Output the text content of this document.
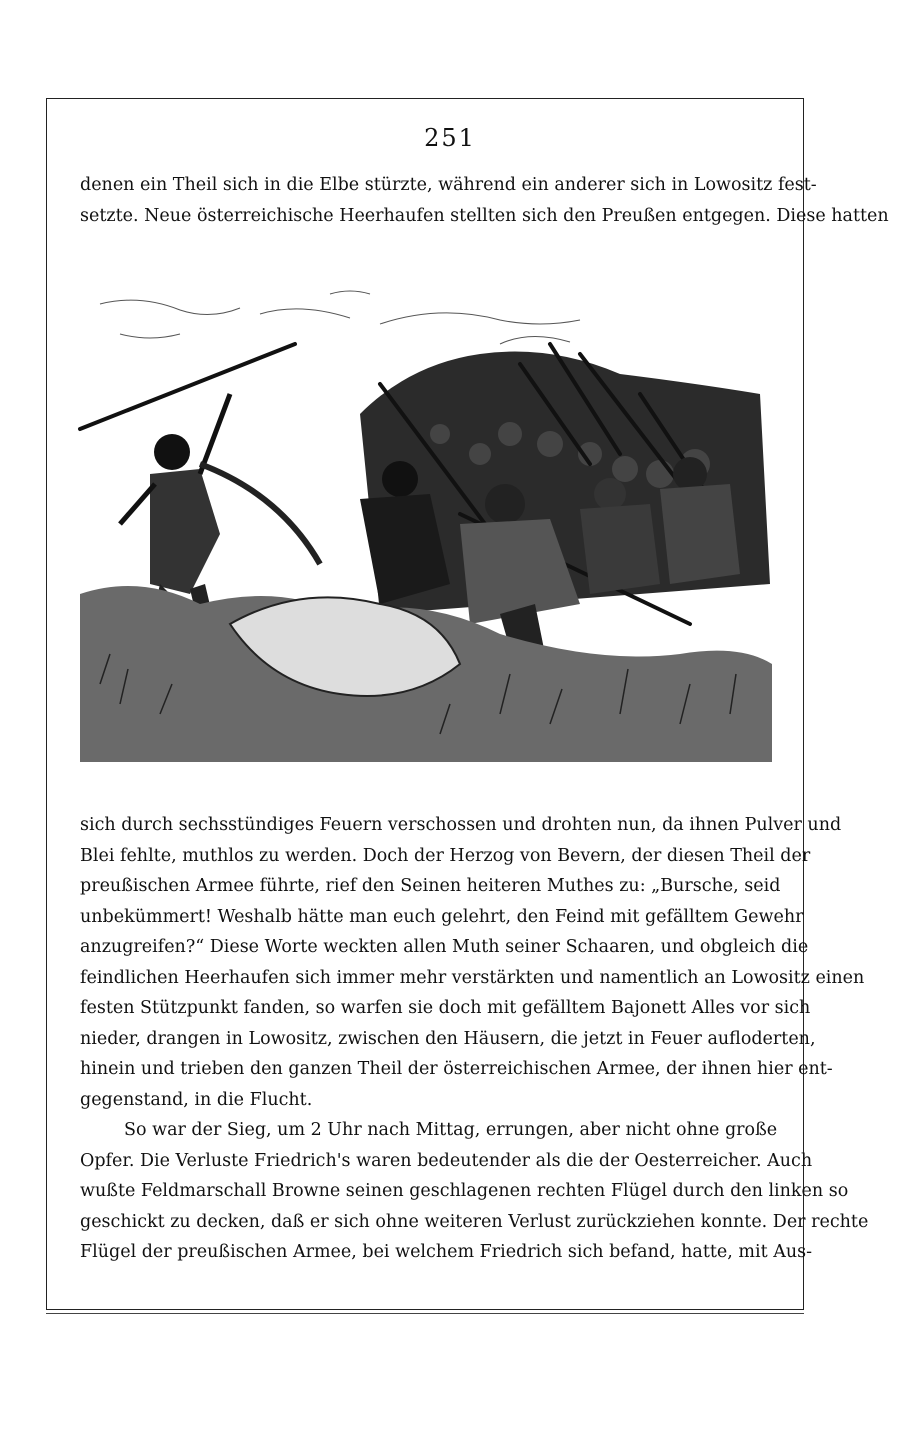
251
denen ein Theil sich in die Elbe stürzte, während ein anderer sich in Lowositz fest-
setzte. Neue österreichische Heerhaufen stellten sich den Preußen entgegen. Diese hatten
sich durch sechsstündiges Feuern verschossen und drohten nun, da ihnen Pulver und
Blei fehlte, muthlos zu werden. Doch der Herzog von Bevern, der diesen Theil der
preußischen Armee führte, rief den Seinen heiteren Muthes zu: „Bursche, seid
unbekümmert! Weshalb hätte man euch gelehrt, den Feind mit gefälltem Gewehr
anzugreifen?“ Diese Worte weckten allen Muth seiner Schaaren, und obgleich die
feindlichen Heerhaufen sich immer mehr verstärkten und namentlich an Lowositz einen
festen Stützpunkt fanden, so warfen sie doch mit gefälltem Bajonett Alles vor sich
nieder, drangen in Lowositz, zwischen den Häusern, die jetzt in Feuer aufloderten,
hinein und trieben den ganzen Theil der österreichischen Armee, der ihnen hier ent-
gegenstand, in die Flucht.
So war der Sieg, um 2 Uhr nach Mittag, errungen, aber nicht ohne große
Opfer. Die Verluste Friedrich's waren bedeutender als die der Oesterreicher. Auch
wußte Feldmarschall Browne seinen geschlagenen rechten Flügel durch den linken so
geschickt zu decken, daß er sich ohne weiteren Verlust zurückziehen konnte. Der rechte
Flügel der preußischen Armee, bei welchem Friedrich sich befand, hatte, mit Aus-
